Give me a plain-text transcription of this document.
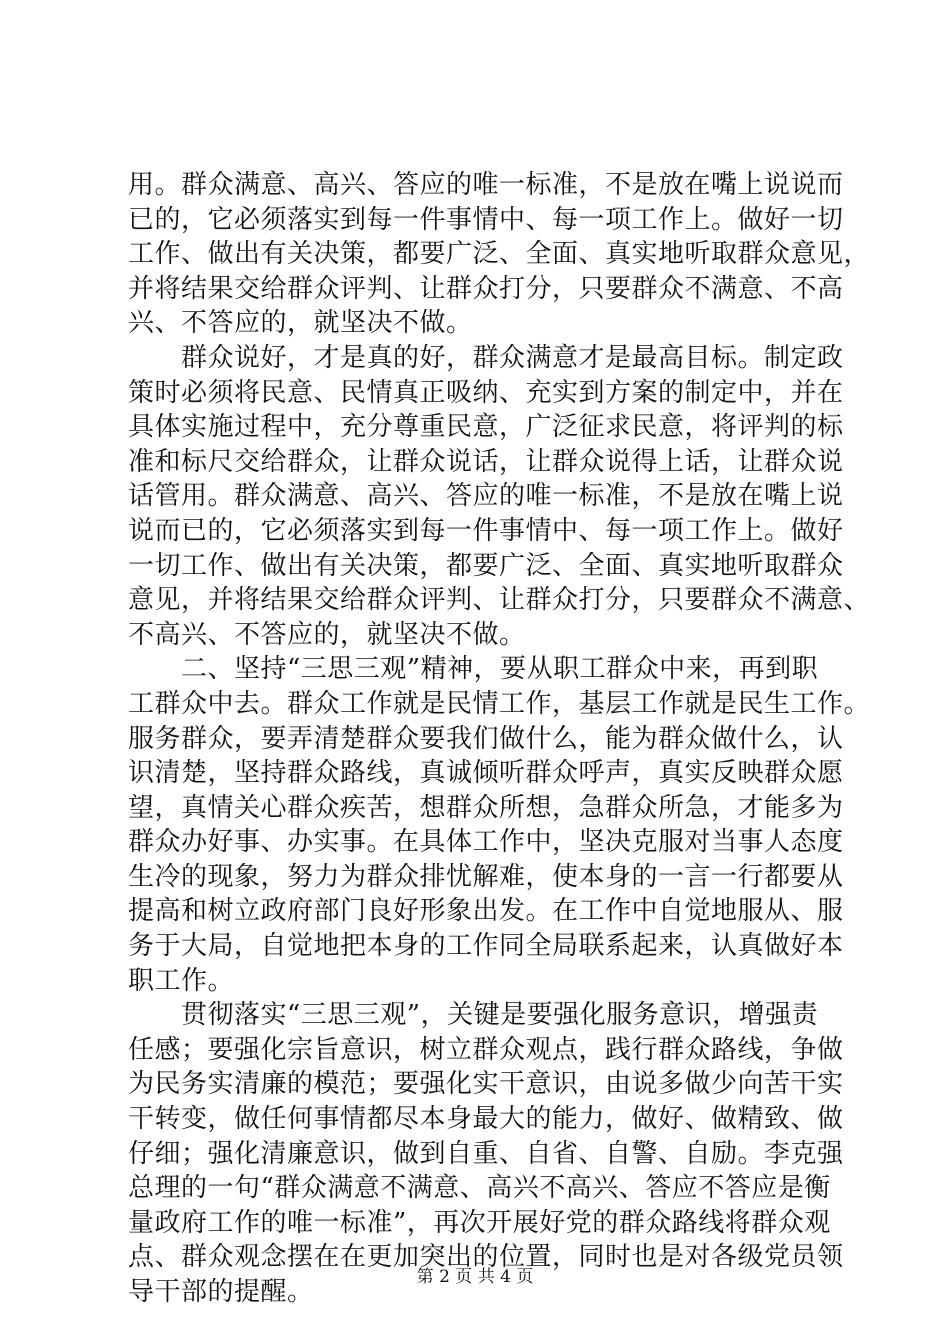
用。群众满意、高兴、答应的唯一标准，不是放在嘴上说说而
已的，它必须落实到每一件事情中、每一项工作上。做好一切
工作、做出有关决策，都要广泛、全面、真实地听取群众意见，
并将结果交给群众评判、让群众打分，只要群众不满意、不高
兴、不答应的，就坚决不做。
　　群众说好，才是真的好，群众满意才是最高目标。制定政
策时必须将民意、民情真正吸纳、充实到方案的制定中，并在
具体实施过程中，充分尊重民意，广泛征求民意，将评判的标
准和标尺交给群众，让群众说话，让群众说得上话，让群众说
话管用。群众满意、高兴、答应的唯一标准，不是放在嘴上说
说而已的，它必须落实到每一件事情中、每一项工作上。做好
一切工作、做出有关决策，都要广泛、全面、真实地听取群众
意见，并将结果交给群众评判、让群众打分，只要群众不满意、
不高兴、不答应的，就坚决不做。
　　二、坚持“三思三观”精神，要从职工群众中来，再到职
工群众中去。群众工作就是民情工作，基层工作就是民生工作。
服务群众，要弄清楚群众要我们做什么，能为群众做什么，认
识清楚，坚持群众路线，真诚倾听群众呼声，真实反映群众愿
望，真情关心群众疾苦，想群众所想，急群众所急，才能多为
群众办好事、办实事。在具体工作中，坚决克服对当事人态度
生冷的现象，努力为群众排忧解难，使本身的一言一行都要从
提高和树立政府部门良好形象出发。在工作中自觉地服从、服
务于大局，自觉地把本身的工作同全局联系起来，认真做好本
职工作。
　　贯彻落实“三思三观”，关键是要强化服务意识，增强责
任感；要强化宗旨意识，树立群众观点，践行群众路线，争做
为民务实清廉的模范；要强化实干意识，由说多做少向苦干实
干转变，做任何事情都尽本身最大的能力，做好、做精致、做
仔细；强化清廉意识，做到自重、自省、自警、自励。李克强
总理的一句“群众满意不满意、高兴不高兴、答应不答应是衡
量政府工作的唯一标准”，再次开展好党的群众路线将群众观
点、群众观念摆在在更加突出的位置，同时也是对各级党员领
导干部的提醒。	第 2 页 共 4 页
